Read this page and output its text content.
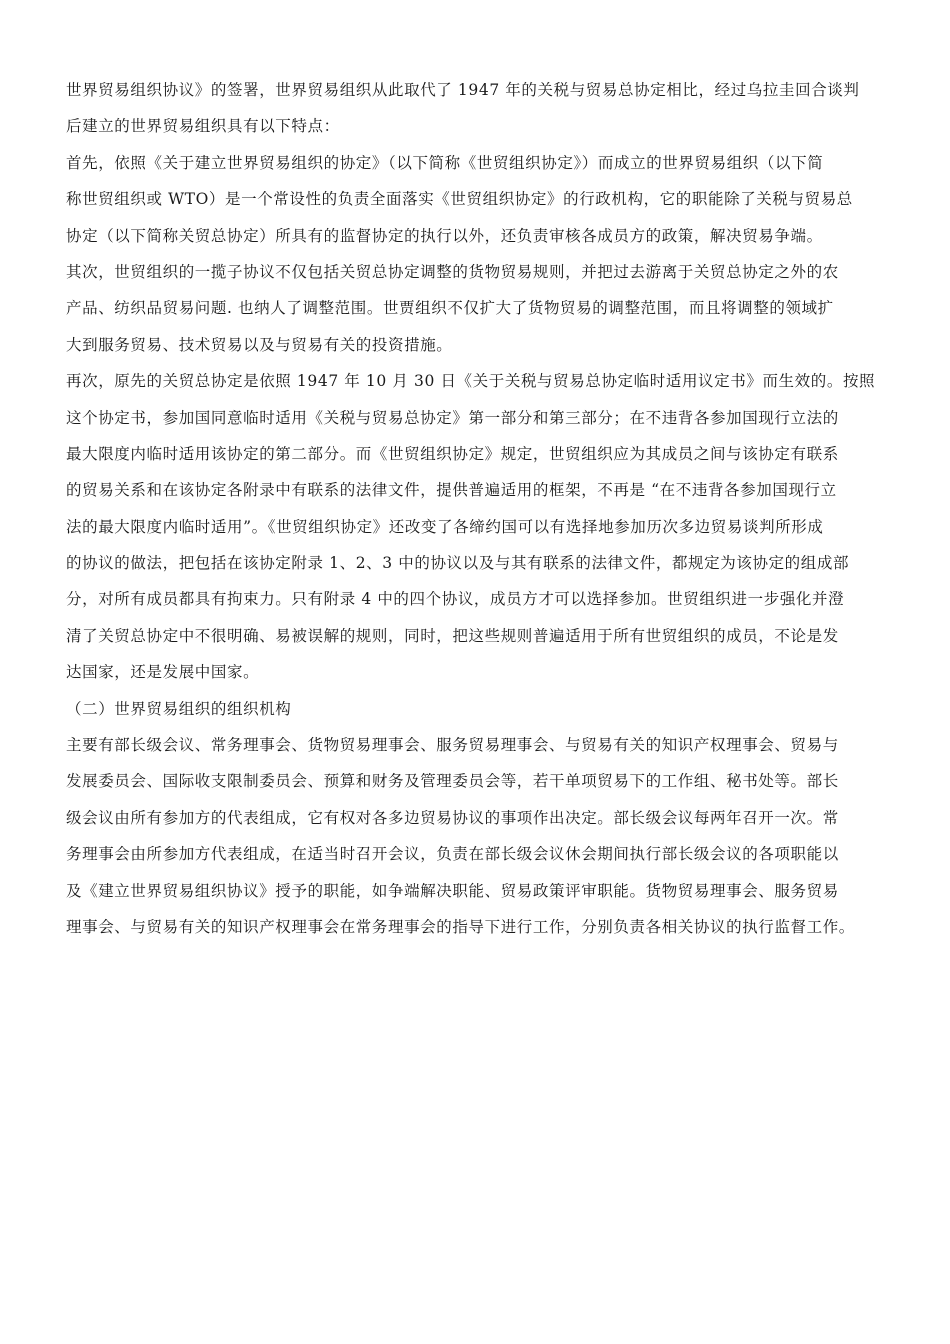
世界贸易组织协议》的签署，世界贸易组织从此取代了 1947 年的关税与贸易总协定相比，经过乌拉圭回合谈判
后建立的世界贸易组织具有以下特点：
首先，依照《关于建立世界贸易组织的协定》（以下简称《世贸组织协定》）而成立的世界贸易组织（以下简
称世贸组织或 WTO）是一个常设性的负责全面落实《世贸组织协定》的行政机构，它的职能除了关税与贸易总
协定（以下简称关贸总协定）所具有的监督协定的执行以外，还负责审核各成员方的政策，解决贸易争端。
其次，世贸组织的一揽子协议不仅包括关贸总协定调整的货物贸易规则，并把过去游离于关贸总协定之外的农
产品、纺织品贸易问题. 也纳人了调整范围。世贾组织不仅扩大了货物贸易的调整范围，而且将调整的领域扩
大到服务贸易、技术贸易以及与贸易有关的投资措施。
再次，原先的关贸总协定是依照 1947 年 10 月 30 日《关于关税与贸易总协定临时适用议定书》而生效的。按照
这个协定书，参加国同意临时适用《关税与贸易总协定》第一部分和第三部分；在不违背各参加国现行立法的
最大限度内临时适用该协定的第二部分。而《世贸组织协定》规定，世贸组织应为其成员之间与该协定有联系
的贸易关系和在该协定各附录中有联系的法律文件，提供普遍适用的框架，不再是 “在不违背各参加国现行立
法的最大限度内临时适用”。《世贸组织协定》还改变了各缔约国可以有选择地参加历次多边贸易谈判所形成
的协议的做法，把包括在该协定附录 1、2、3 中的协议以及与其有联系的法律文件，都规定为该协定的组成部
分，对所有成员都具有拘束力。只有附录 4 中的四个协议，成员方才可以选择参加。世贸组织进一步强化并澄
清了关贸总协定中不很明确、易被误解的规则，同时，把这些规则普遍适用于所有世贸组织的成员，不论是发
达国家，还是发展中国家。
（二）世界贸易组织的组织机构
主要有部长级会议、常务理事会、货物贸易理事会、服务贸易理事会、与贸易有关的知识产权理事会、贸易与
发展委员会、国际收支限制委员会、预算和财务及管理委员会等，若干单项贸易下的工作组、秘书处等。部长
级会议由所有参加方的代表组成，它有权对各多边贸易协议的事项作出决定。部长级会议每两年召开一次。常
务理事会由所参加方代表组成，在适当时召开会议，负责在部长级会议休会期间执行部长级会议的各项职能以
及《建立世界贸易组织协议》授予的职能，如争端解决职能、贸易政策评审职能。货物贸易理事会、服务贸易
理事会、与贸易有关的知识产权理事会在常务理事会的指导下进行工作，分别负责各相关协议的执行监督工作。
